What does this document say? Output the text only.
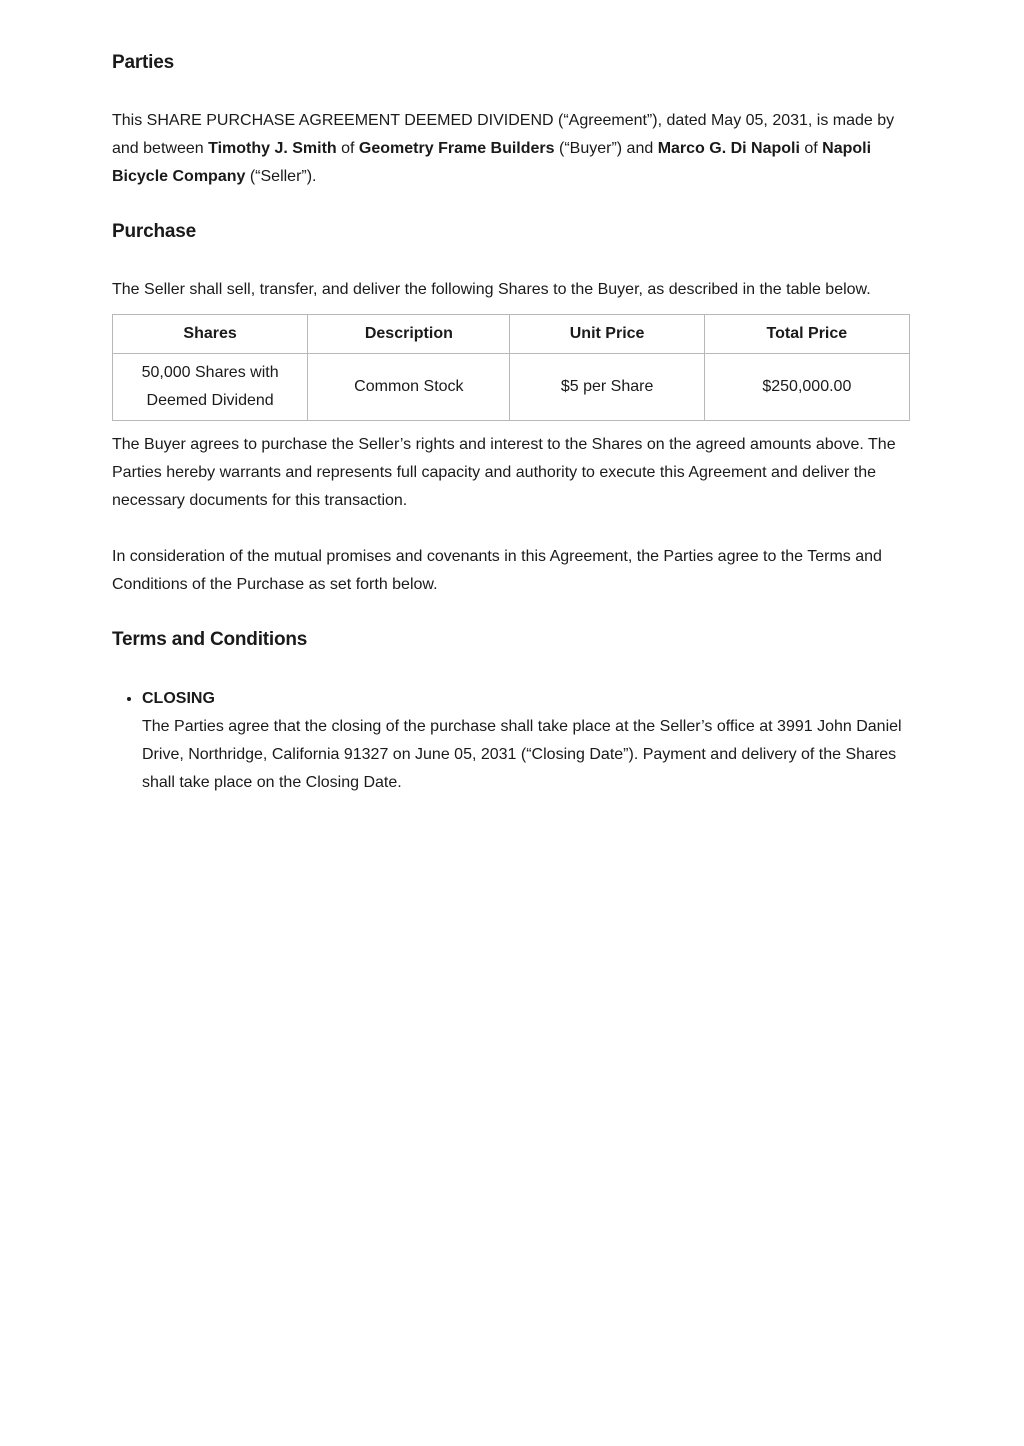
Parties

This SHARE PURCHASE AGREEMENT DEEMED DIVIDEND (“Agreement”), dated May 05, 2031, is made by and between Timothy J. Smith of Geometry Frame Builders (“Buyer”) and Marco G. Di Napoli of Napoli Bicycle Company (“Seller”).

Purchase

The Seller shall sell, transfer, and deliver the following Shares to the Buyer, as described in the table below.

Shares	Description	Unit Price	Total Price
50,000 Shares with Deemed Dividend	Common Stock	$5 per Share	$250,000.00

The Buyer agrees to purchase the Seller’s rights and interest to the Shares on the agreed amounts above. The Parties hereby warrants and represents full capacity and authority to execute this Agreement and deliver the necessary documents for this transaction.

In consideration of the mutual promises and covenants in this Agreement, the Parties agree to the Terms and Conditions of the Purchase as set forth below.

Terms and Conditions
• CLOSING
The Parties agree that the closing of the purchase shall take place at the Seller’s office at 3991 John Daniel Drive, Northridge, California 91327 on June 05, 2031 (“Closing Date”). Payment and delivery of the Shares shall take place on the Closing Date.
